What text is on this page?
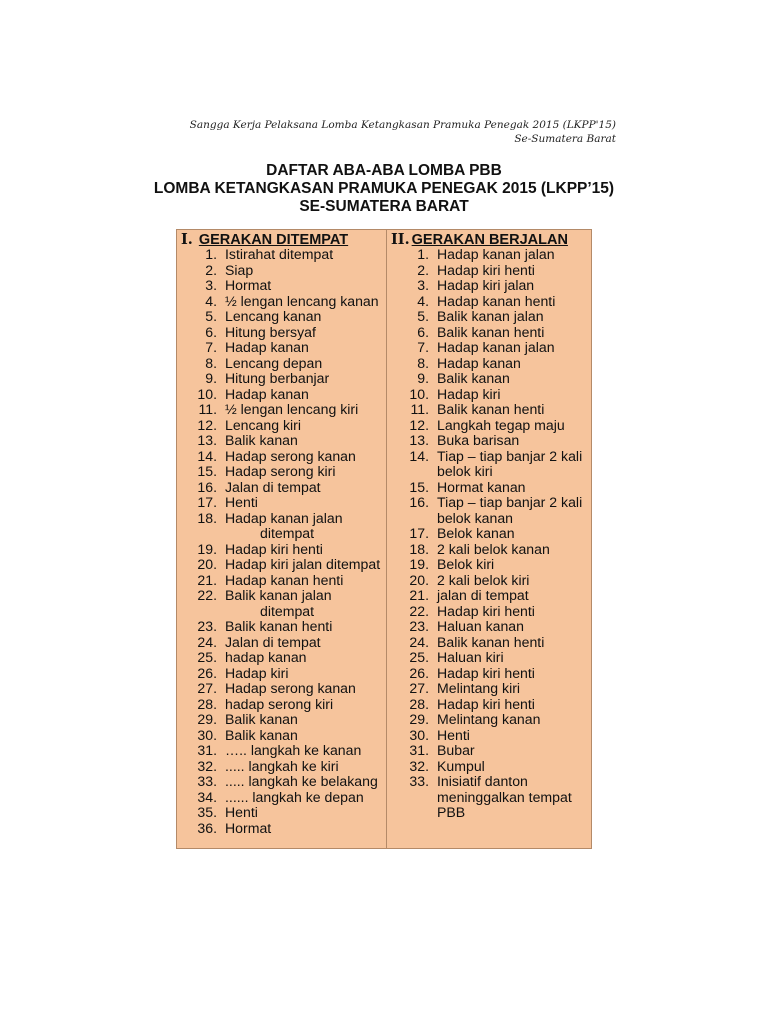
Sangga Kerja Pelaksana Lomba Ketangkasan Pramuka Penegak 2015 (LKPP'15)
Se-Sumatera Barat
DAFTAR ABA-ABA LOMBA PBB
LOMBA KETANGKASAN PRAMUKA PENEGAK 2015 (LKPP’15)
SE-SUMATERA BARAT
I. GERAKAN DITEMPAT
1. Istirahat ditempat
2. Siap
3. Hormat
4. ½ lengan lencang kanan
5. Lencang kanan
6. Hitung bersyaf
7. Hadap kanan
8. Lencang depan
9. Hitung berbanjar
10. Hadap kanan
11. ½ lengan lencang kiri
12. Lencang kiri
13. Balik kanan
14. Hadap serong kanan
15. Hadap serong kiri
16. Jalan di tempat
17. Henti
18. Hadap kanan jalan
ditempat
19. Hadap kiri henti
20. Hadap kiri jalan ditempat
21. Hadap kanan henti
22. Balik kanan jalan
ditempat
23. Balik kanan henti
24. Jalan di tempat
25. hadap kanan
26. Hadap kiri
27. Hadap serong kanan
28. hadap serong kiri
29. Balik kanan
30. Balik kanan
31. ….. langkah ke kanan
32. ..... langkah ke kiri
33. ..... langkah ke belakang
34. ...... langkah ke depan
35. Henti
36. Hormat
II. GERAKAN BERJALAN
1. Hadap kanan jalan
2. Hadap kiri henti
3. Hadap kiri jalan
4. Hadap kanan henti
5. Balik kanan jalan
6. Balik kanan henti
7. Hadap kanan jalan
8. Hadap kanan
9. Balik kanan
10. Hadap kiri
11. Balik kanan henti
12. Langkah tegap maju
13. Buka barisan
14. Tiap – tiap banjar 2 kali
belok kiri
15. Hormat kanan
16. Tiap – tiap banjar 2 kali
belok kanan
17. Belok kanan
18. 2 kali belok kanan
19. Belok kiri
20. 2 kali belok kiri
21. jalan di tempat
22. Hadap kiri henti
23. Haluan kanan
24. Balik kanan henti
25. Haluan kiri
26. Hadap kiri henti
27. Melintang kiri
28. Hadap kiri henti
29. Melintang kanan
30. Henti
31. Bubar
32. Kumpul
33. Inisiatif danton
meninggalkan tempat
PBB
